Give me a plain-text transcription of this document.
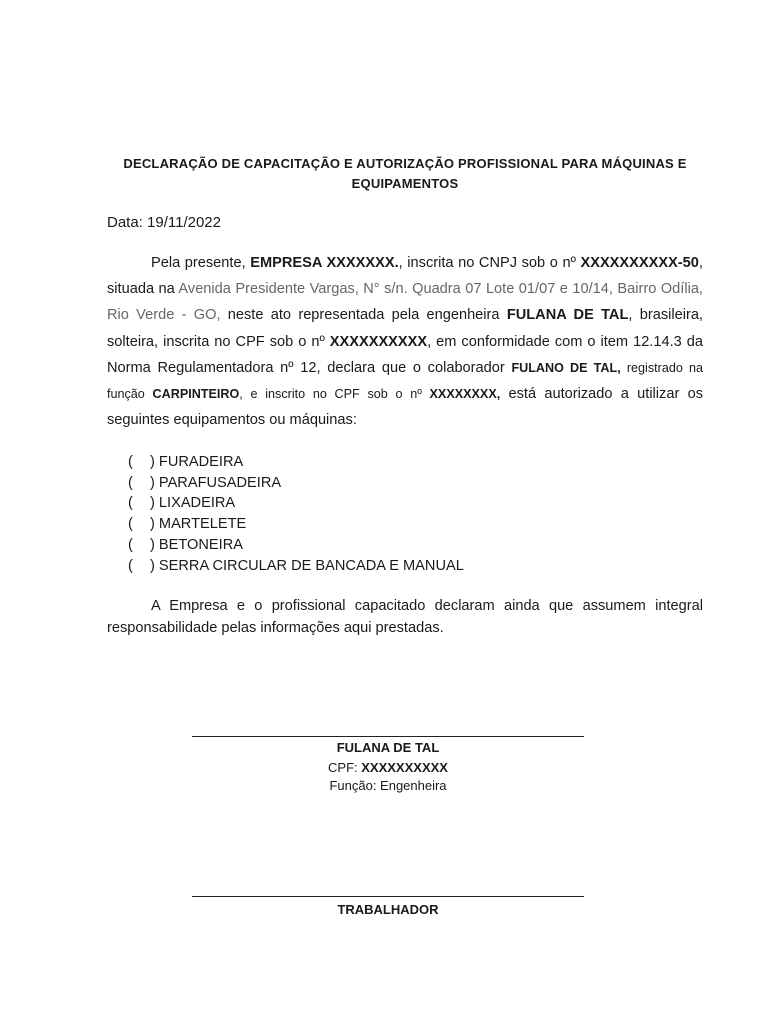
DECLARAÇÃO DE CAPACITAÇÃO E AUTORIZAÇÃO PROFISSIONAL PARA MÁQUINAS E EQUIPAMENTOS
Data: 19/11/2022
Pela presente, EMPRESA XXXXXXX., inscrita no CNPJ sob o nº XXXXXXXXXX-50, situada na Avenida Presidente Vargas, N° s/n. Quadra 07 Lote 01/07 e 10/14, Bairro Odília, Rio Verde - GO, neste ato representada pela engenheira FULANA DE TAL, brasileira, solteira, inscrita no CPF sob o nº XXXXXXXXXX, em conformidade com o item 12.14.3 da Norma Regulamentadora nº 12, declara que o colaborador FULANO DE TAL, registrado na função CARPINTEIRO, e inscrito no CPF sob o nº XXXXXXXX, está autorizado a utilizar os seguintes equipamentos ou máquinas:
( ) FURADEIRA
( ) PARAFUSADEIRA
( ) LIXADEIRA
( ) MARTELETE
( ) BETONEIRA
( ) SERRA CIRCULAR DE BANCADA E MANUAL
A Empresa e o profissional capacitado declaram ainda que assumem integral responsabilidade pelas informações aqui prestadas.
FULANA DE TAL
CPF: XXXXXXXXXX
Função: Engenheira
TRABALHADOR
